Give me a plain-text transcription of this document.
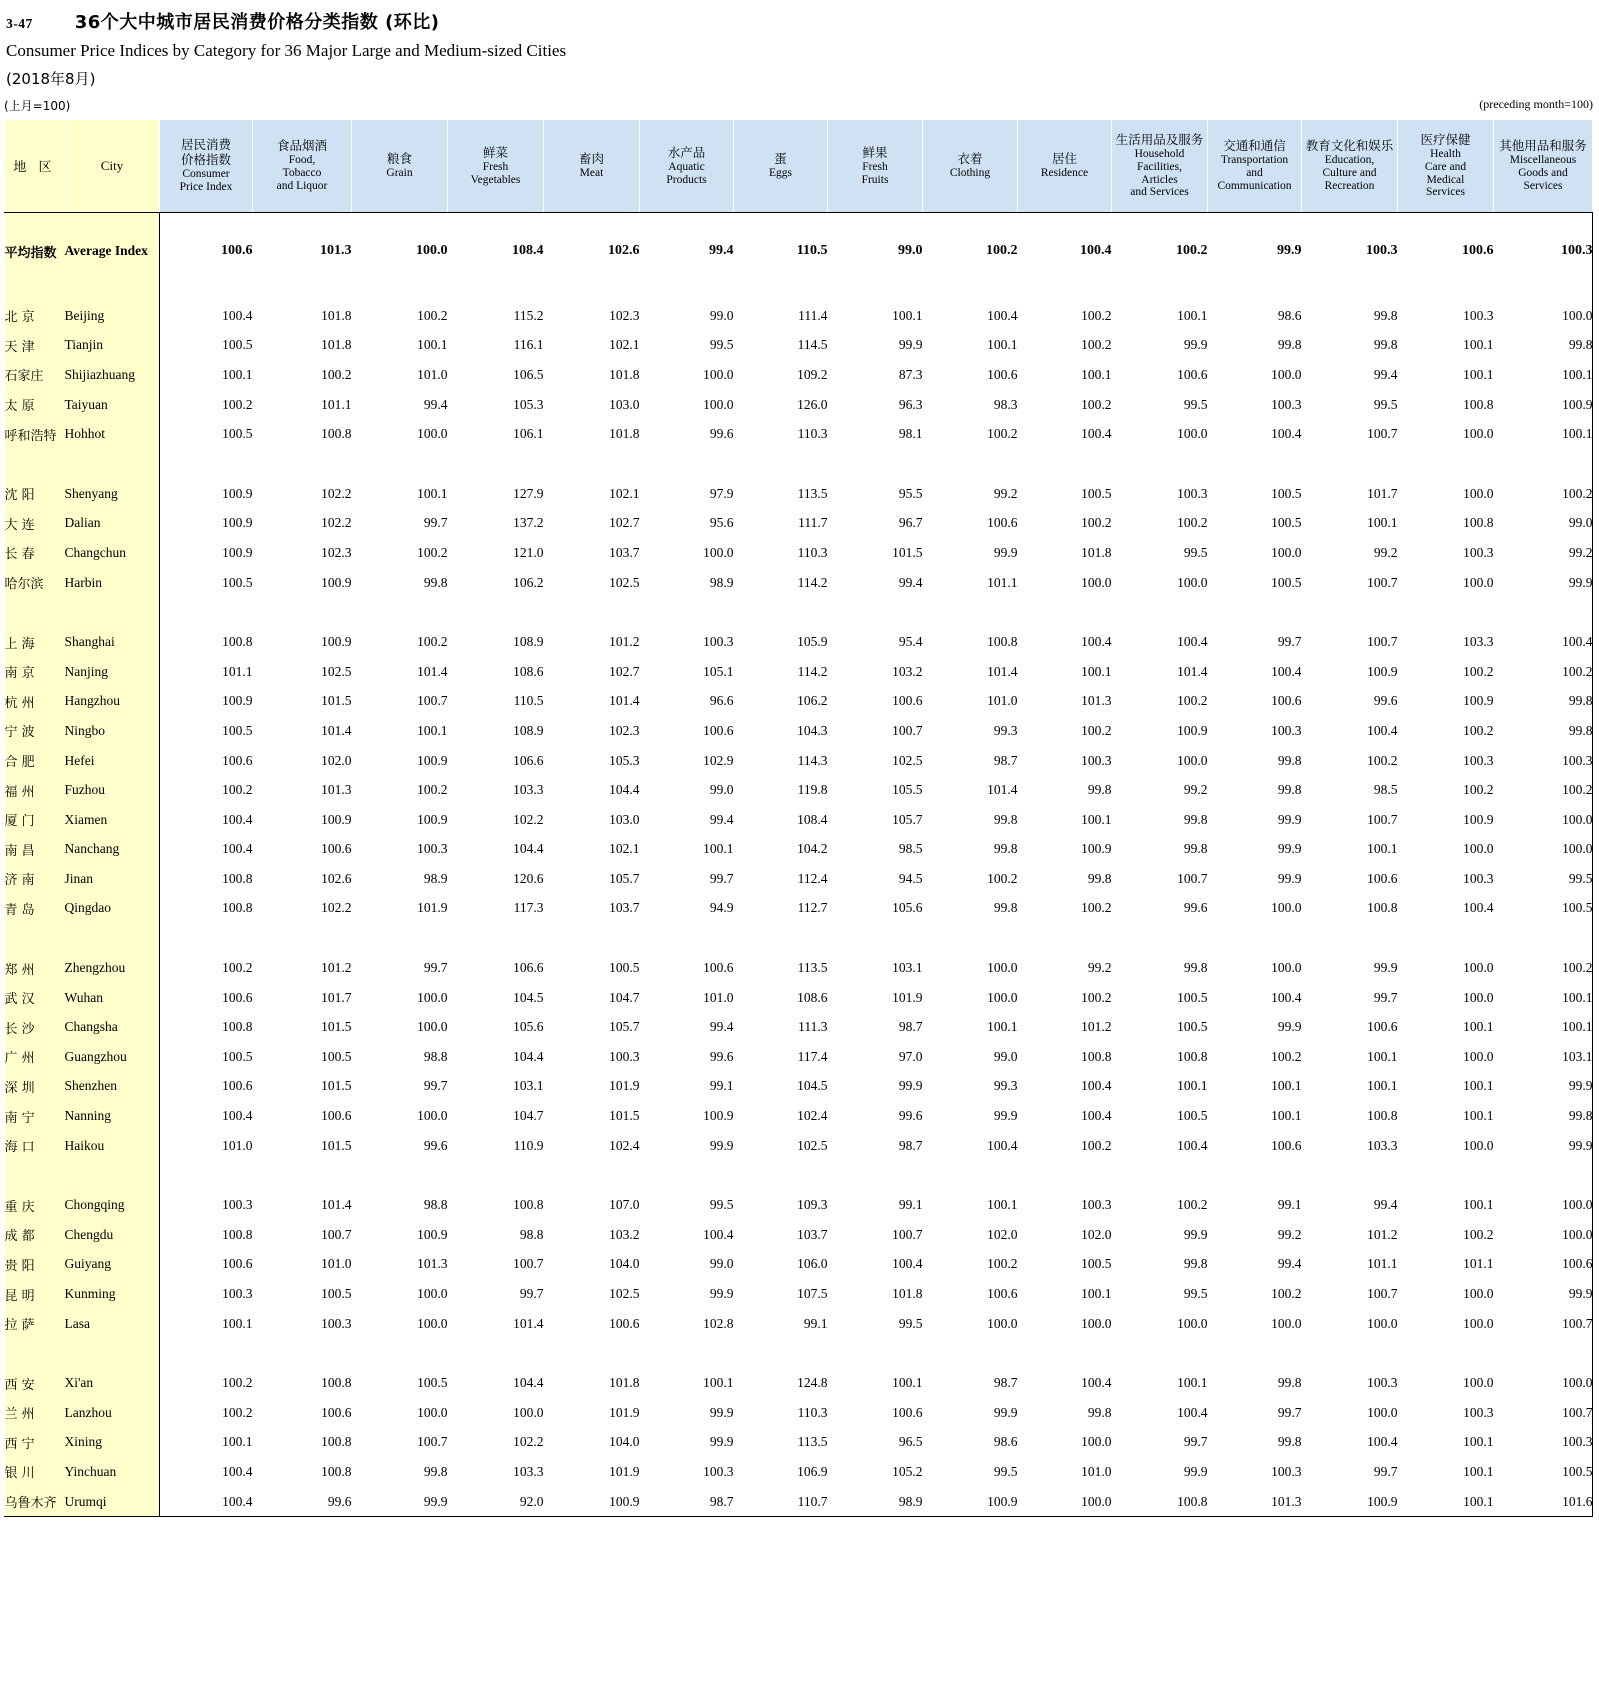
3-47 36个大中城市居民消费价格分类指数 (环比)
Consumer Price Indices by Category for 36 Major Large and Medium-sized Cities
(2018年8月)
(上月=100)	(preceding month=100)
地 区	City	居民消费
价格指数
Consumer
Price Index	食品烟酒
Food,
Tobacco
and Liquor	粮食
Grain	鲜菜
Fresh
Vegetables	畜肉
Meat	水产品
Aquatic
Products	蛋
Eggs	鲜果
Fresh
Fruits	衣着
Clothing	居住
Residence	生活用品及服务
Household
Facilities,
Articles
and Services	交通和通信
Transportation
and
Communication	教育文化和娱乐
Education,
Culture and
Recreation	医疗保健
Health
Care and
Medical
Services	其他用品和服务
Miscellaneous
Goods and
Services

平均指数	Average Index	100.6	101.3	100.0	108.4	102.6	99.4	110.5	99.0	100.2	100.4	100.2	99.9	100.3	100.6	100.3

北 京	Beijing	100.4	101.8	100.2	115.2	102.3	99.0	111.4	100.1	100.4	100.2	100.1	98.6	99.8	100.3	100.0
天 津	Tianjin	100.5	101.8	100.1	116.1	102.1	99.5	114.5	99.9	100.1	100.2	99.9	99.8	99.8	100.1	99.8
石家庄	Shijiazhuang	100.1	100.2	101.0	106.5	101.8	100.0	109.2	87.3	100.6	100.1	100.6	100.0	99.4	100.1	100.1
太 原	Taiyuan	100.2	101.1	99.4	105.3	103.0	100.0	126.0	96.3	98.3	100.2	99.5	100.3	99.5	100.8	100.9
呼和浩特	Hohhot	100.5	100.8	100.0	106.1	101.8	99.6	110.3	98.1	100.2	100.4	100.0	100.4	100.7	100.0	100.1

沈 阳	Shenyang	100.9	102.2	100.1	127.9	102.1	97.9	113.5	95.5	99.2	100.5	100.3	100.5	101.7	100.0	100.2
大 连	Dalian	100.9	102.2	99.7	137.2	102.7	95.6	111.7	96.7	100.6	100.2	100.2	100.5	100.1	100.8	99.0
长 春	Changchun	100.9	102.3	100.2	121.0	103.7	100.0	110.3	101.5	99.9	101.8	99.5	100.0	99.2	100.3	99.2
哈尔滨	Harbin	100.5	100.9	99.8	106.2	102.5	98.9	114.2	99.4	101.1	100.0	100.0	100.5	100.7	100.0	99.9

上 海	Shanghai	100.8	100.9	100.2	108.9	101.2	100.3	105.9	95.4	100.8	100.4	100.4	99.7	100.7	103.3	100.4
南 京	Nanjing	101.1	102.5	101.4	108.6	102.7	105.1	114.2	103.2	101.4	100.1	101.4	100.4	100.9	100.2	100.2
杭 州	Hangzhou	100.9	101.5	100.7	110.5	101.4	96.6	106.2	100.6	101.0	101.3	100.2	100.6	99.6	100.9	99.8
宁 波	Ningbo	100.5	101.4	100.1	108.9	102.3	100.6	104.3	100.7	99.3	100.2	100.9	100.3	100.4	100.2	99.8
合 肥	Hefei	100.6	102.0	100.9	106.6	105.3	102.9	114.3	102.5	98.7	100.3	100.0	99.8	100.2	100.3	100.3
福 州	Fuzhou	100.2	101.3	100.2	103.3	104.4	99.0	119.8	105.5	101.4	99.8	99.2	99.8	98.5	100.2	100.2
厦 门	Xiamen	100.4	100.9	100.9	102.2	103.0	99.4	108.4	105.7	99.8	100.1	99.8	99.9	100.7	100.9	100.0
南 昌	Nanchang	100.4	100.6	100.3	104.4	102.1	100.1	104.2	98.5	99.8	100.9	99.8	99.9	100.1	100.0	100.0
济 南	Jinan	100.8	102.6	98.9	120.6	105.7	99.7	112.4	94.5	100.2	99.8	100.7	99.9	100.6	100.3	99.5
青 岛	Qingdao	100.8	102.2	101.9	117.3	103.7	94.9	112.7	105.6	99.8	100.2	99.6	100.0	100.8	100.4	100.5

郑 州	Zhengzhou	100.2	101.2	99.7	106.6	100.5	100.6	113.5	103.1	100.0	99.2	99.8	100.0	99.9	100.0	100.2
武 汉	Wuhan	100.6	101.7	100.0	104.5	104.7	101.0	108.6	101.9	100.0	100.2	100.5	100.4	99.7	100.0	100.1
长 沙	Changsha	100.8	101.5	100.0	105.6	105.7	99.4	111.3	98.7	100.1	101.2	100.5	99.9	100.6	100.1	100.1
广 州	Guangzhou	100.5	100.5	98.8	104.4	100.3	99.6	117.4	97.0	99.0	100.8	100.8	100.2	100.1	100.0	103.1
深 圳	Shenzhen	100.6	101.5	99.7	103.1	101.9	99.1	104.5	99.9	99.3	100.4	100.1	100.1	100.1	100.1	99.9
南 宁	Nanning	100.4	100.6	100.0	104.7	101.5	100.9	102.4	99.6	99.9	100.4	100.5	100.1	100.8	100.1	99.8
海 口	Haikou	101.0	101.5	99.6	110.9	102.4	99.9	102.5	98.7	100.4	100.2	100.4	100.6	103.3	100.0	99.9

重 庆	Chongqing	100.3	101.4	98.8	100.8	107.0	99.5	109.3	99.1	100.1	100.3	100.2	99.1	99.4	100.1	100.0
成 都	Chengdu	100.8	100.7	100.9	98.8	103.2	100.4	103.7	100.7	102.0	102.0	99.9	99.2	101.2	100.2	100.0
贵 阳	Guiyang	100.6	101.0	101.3	100.7	104.0	99.0	106.0	100.4	100.2	100.5	99.8	99.4	101.1	101.1	100.6
昆 明	Kunming	100.3	100.5	100.0	99.7	102.5	99.9	107.5	101.8	100.6	100.1	99.5	100.2	100.7	100.0	99.9
拉 萨	Lasa	100.1	100.3	100.0	101.4	100.6	102.8	99.1	99.5	100.0	100.0	100.0	100.0	100.0	100.0	100.7

西 安	Xi'an	100.2	100.8	100.5	104.4	101.8	100.1	124.8	100.1	98.7	100.4	100.1	99.8	100.3	100.0	100.0
兰 州	Lanzhou	100.2	100.6	100.0	100.0	101.9	99.9	110.3	100.6	99.9	99.8	100.4	99.7	100.0	100.3	100.7
西 宁	Xining	100.1	100.8	100.7	102.2	104.0	99.9	113.5	96.5	98.6	100.0	99.7	99.8	100.4	100.1	100.3
银 川	Yinchuan	100.4	100.8	99.8	103.3	101.9	100.3	106.9	105.2	99.5	101.0	99.9	100.3	99.7	100.1	100.5
乌鲁木齐	Urumqi	100.4	99.6	99.9	92.0	100.9	98.7	110.7	98.9	100.9	100.0	100.8	101.3	100.9	100.1	101.6
